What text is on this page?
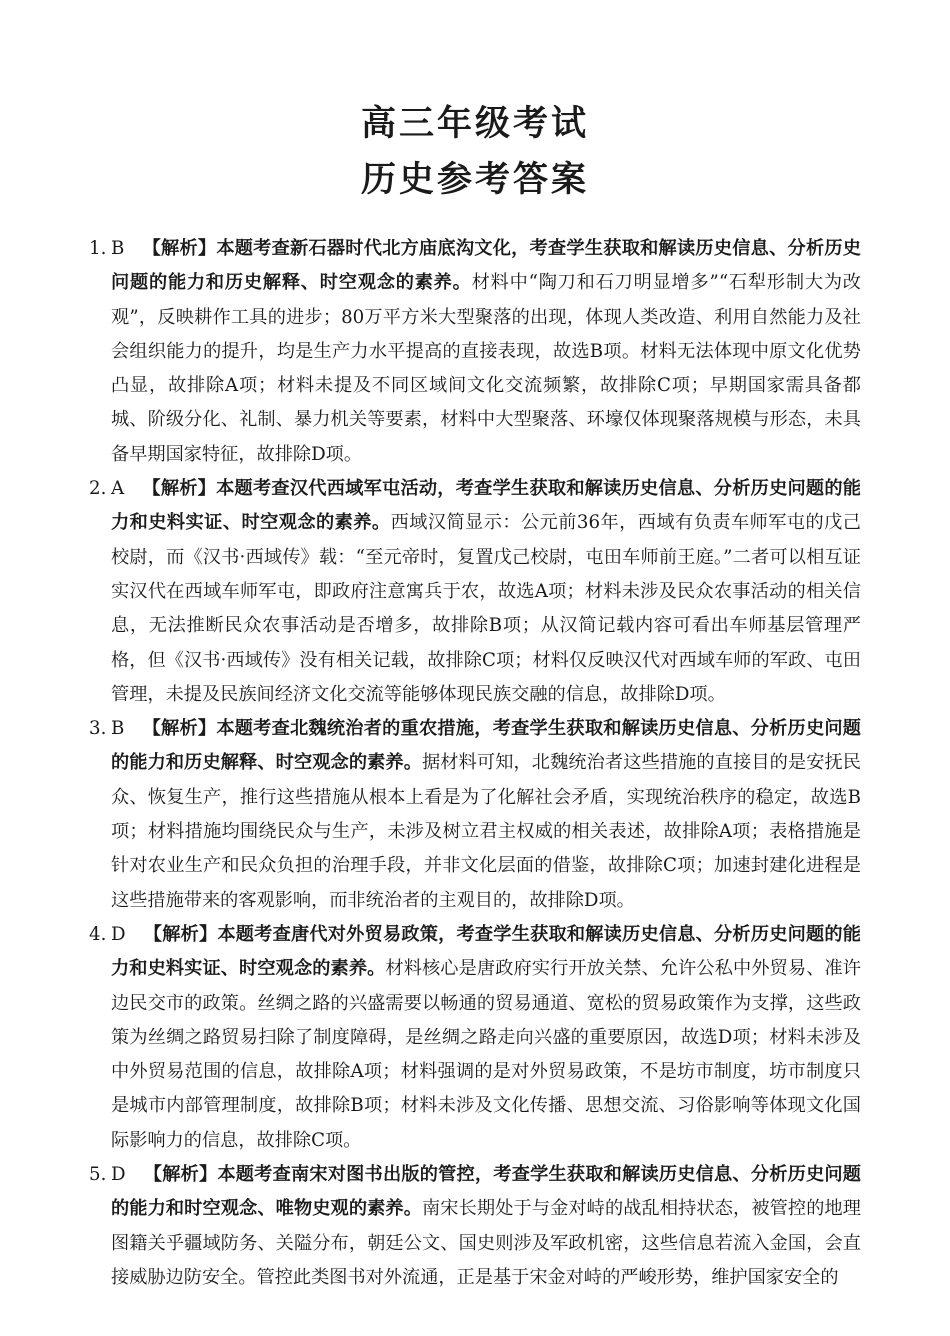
高三年级考试
历史参考答案
1. B 【解析】本题考查新石器时代北方庙底沟文化，考查学生获取和解读历史信息、分析历史问题的能力和历史解释、时空观念的素养。材料中“陶刀和石刀明显增多”“石犁形制大为改观”，反映耕作工具的进步；80万平方米大型聚落的出现，体现人类改造、利用自然能力及社会组织能力的提升，均是生产力水平提高的直接表现，故选B项。材料无法体现中原文化优势凸显，故排除A项；材料未提及不同区域间文化交流频繁，故排除C项；早期国家需具备都城、阶级分化、礼制、暴力机关等要素，材料中大型聚落、环壕仅体现聚落规模与形态，未具备早期国家特征，故排除D项。
2. A 【解析】本题考查汉代西域军屯活动，考查学生获取和解读历史信息、分析历史问题的能力和史料实证、时空观念的素养。西域汉简显示：公元前36年，西域有负责车师军屯的戊己校尉，而《汉书·西域传》载：“至元帝时，复置戊己校尉，屯田车师前王庭。”二者可以相互证实汉代在西域车师军屯，即政府注意寓兵于农，故选A项；材料未涉及民众农事活动的相关信息，无法推断民众农事活动是否增多，故排除B项；从汉简记载内容可看出车师基层管理严格，但《汉书·西域传》没有相关记载，故排除C项；材料仅反映汉代对西域车师的军政、屯田管理，未提及民族间经济文化交流等能够体现民族交融的信息，故排除D项。
3. B 【解析】本题考查北魏统治者的重农措施，考查学生获取和解读历史信息、分析历史问题的能力和历史解释、时空观念的素养。据材料可知，北魏统治者这些措施的直接目的是安抚民众、恢复生产，推行这些措施从根本上看是为了化解社会矛盾，实现统治秩序的稳定，故选B项；材料措施均围绕民众与生产，未涉及树立君主权威的相关表述，故排除A项；表格措施是针对农业生产和民众负担的治理手段，并非文化层面的借鉴，故排除C项；加速封建化进程是这些措施带来的客观影响，而非统治者的主观目的，故排除D项。
4. D 【解析】本题考查唐代对外贸易政策，考查学生获取和解读历史信息、分析历史问题的能力和史料实证、时空观念的素养。材料核心是唐政府实行开放关禁、允许公私中外贸易、准许边民交市的政策。丝绸之路的兴盛需要以畅通的贸易通道、宽松的贸易政策作为支撑，这些政策为丝绸之路贸易扫除了制度障碍，是丝绸之路走向兴盛的重要原因，故选D项；材料未涉及中外贸易范围的信息，故排除A项；材料强调的是对外贸易政策，不是坊市制度，坊市制度只是城市内部管理制度，故排除B项；材料未涉及文化传播、思想交流、习俗影响等体现文化国际影响力的信息，故排除C项。
5. D 【解析】本题考查南宋对图书出版的管控，考查学生获取和解读历史信息、分析历史问题的能力和时空观念、唯物史观的素养。南宋长期处于与金对峙的战乱相持状态，被管控的地理图籍关乎疆域防务、关隘分布，朝廷公文、国史则涉及军政机密，这些信息若流入金国，会直接威胁边防安全。管控此类图书对外流通，正是基于宋金对峙的严峻形势，维护国家安全的
